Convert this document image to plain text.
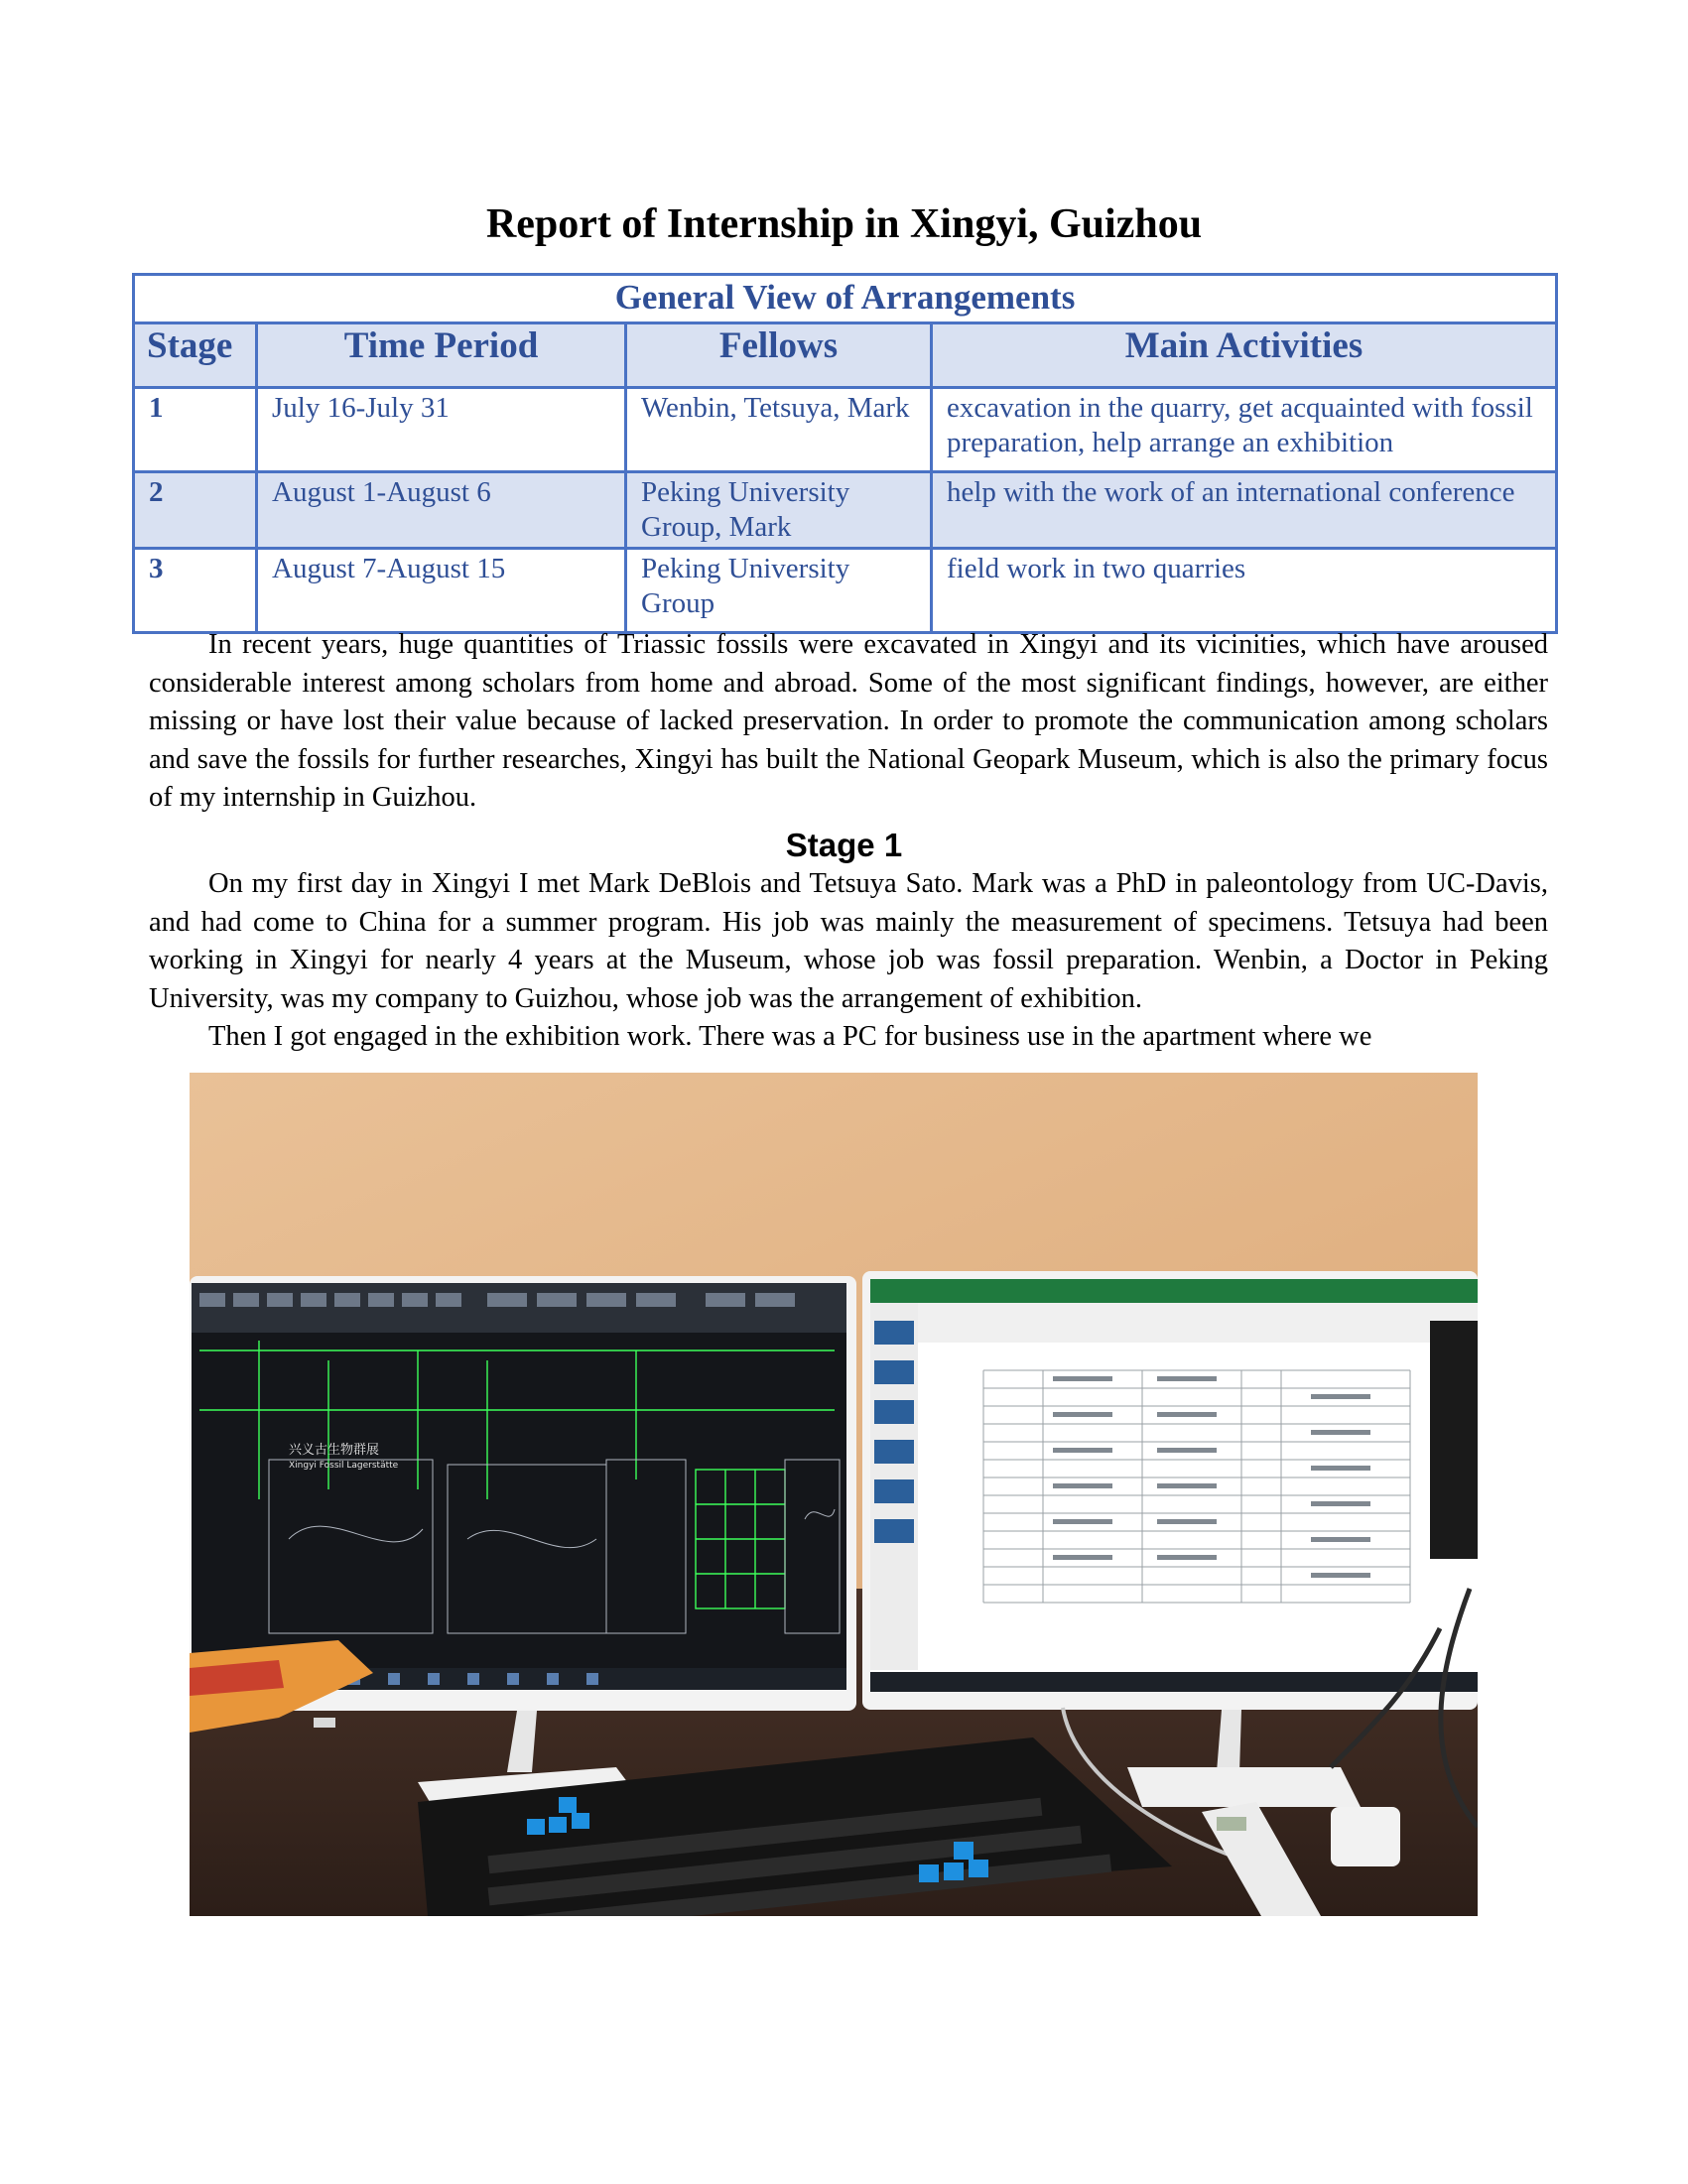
Report of Internship in Xingyi, Guizhou
General View of Arrangements			
Stage	Time Period	Fellows	Main Activities
1	July 16-July 31	Wenbin, Tetsuya, Mark	excavation in the quarry, get acquainted with fossil preparation, help arrange an exhibition
2	August 1-August 6	Peking University Group, Mark	help with the work of an international conference
3	August 7-August 15	Peking University Group	field work in two quarries

In recent years, huge quantities of Triassic fossils were excavated in Xingyi and its vicinities, which have aroused considerable interest among scholars from home and abroad. Some of the most significant findings, however, are either missing or have lost their value because of lacked preservation. In order to promote the communication among scholars and save the fossils for further researches, Xingyi has built the National Geopark Museum, which is also the primary focus of my internship in Guizhou.

Stage 1

On my first day in Xingyi I met Mark DeBlois and Tetsuya Sato. Mark was a PhD in paleontology from UC-Davis, and had come to China for a summer program. His job was mainly the measurement of specimens. Tetsuya had been working in Xingyi for nearly 4 years at the Museum, whose job was fossil preparation. Wenbin, a Doctor in Peking University, was my company to Guizhou, whose job was the arrangement of exhibition.

Then I got engaged in the exhibition work. There was a PC for business use in the apartment where we

兴义古生物群展
Xingyi Fossil Lagerstätte
